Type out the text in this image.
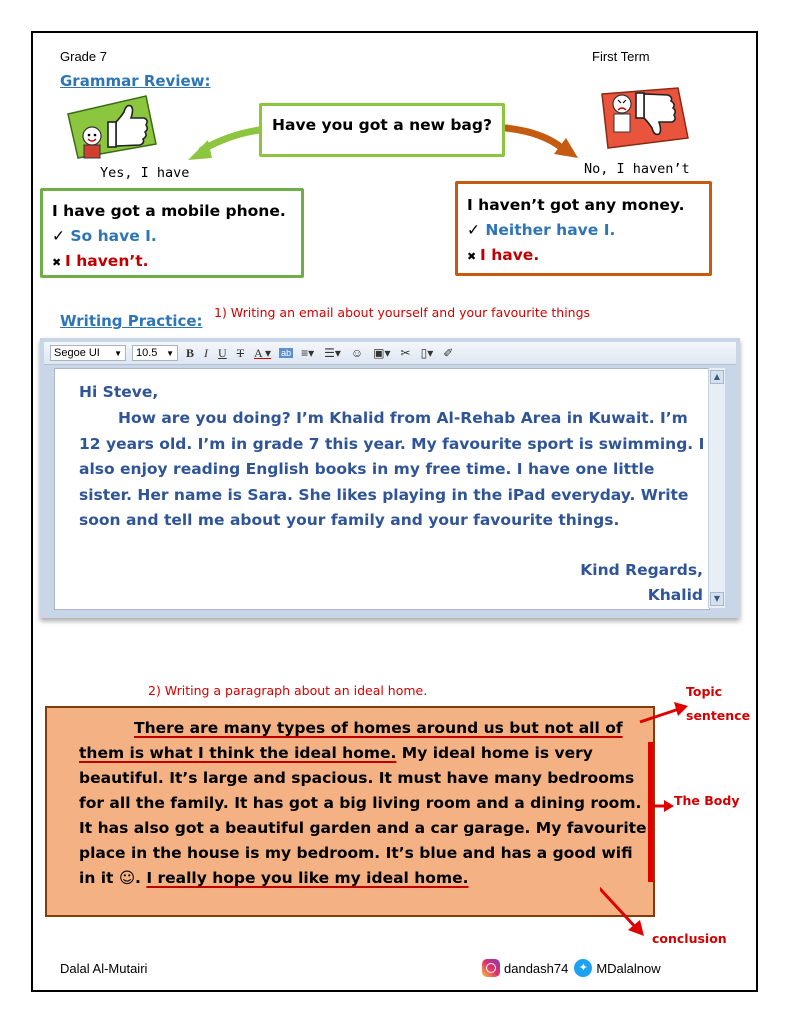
Grade 7	First Term
Grammar Review:
Have you got a new bag?
Yes, I have	No, I haven’t
I have got a mobile phone.
✓ So have I.
✖ I haven’t.
I haven’t got any money.
✓ Neither have I.
✖ I have.
Writing Practice: 1) Writing an email about yourself and your favourite things
Segoe UI ▼ 10.5 ▼ B I U T A ▾ ab ≡▾ ☰▾ ☺ ▣▾ ✂ ▯▾ ✐
Hi Steve,
How are you doing? I’m Khalid from Al-Rehab Area in Kuwait. I’m 12 years old. I’m in grade 7 this year. My favourite sport is swimming. I also enjoy reading English books in my free time. I have one little sister. Her name is Sara. She likes playing in the iPad everyday. Write soon and tell me about your family and your favourite things.
Kind Regards,
Khalid
▲
▼
2) Writing a paragraph about an ideal home.
There are many types of homes around us but not all of them is what I think the ideal home. My ideal home is very beautiful. It’s large and spacious. It must have many bedrooms for all the family. It has got a big living room and a dining room. It has also got a beautiful garden and a car garage. My favourite place in the house is my bedroom. It’s blue and has a good wifi in it ☺. I really hope you like my ideal home.
Topic
sentence
The Body
conclusion
Dalal Al-Mutairi	dandash74 ✦ MDalalnow
